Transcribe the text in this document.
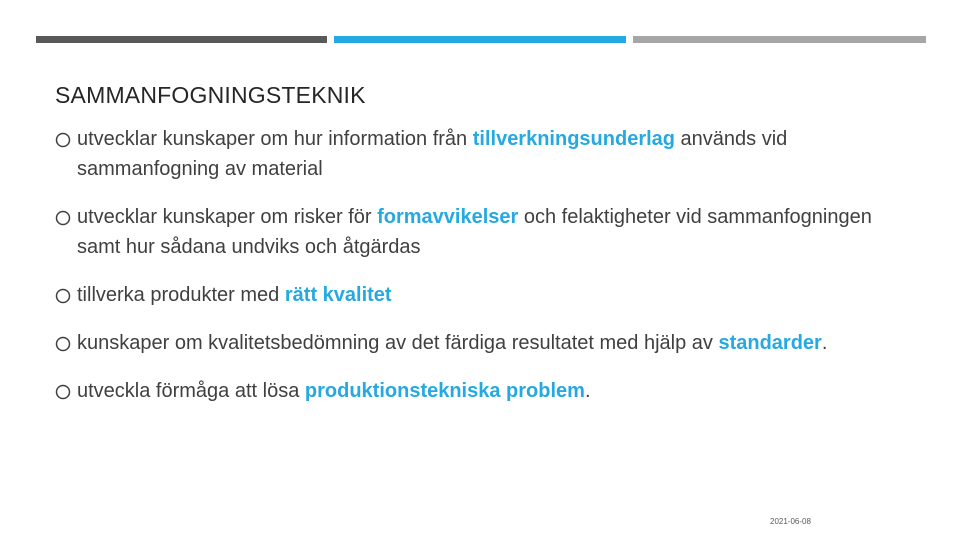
SAMMANFOGNINGSTEKNIK
utvecklar kunskaper om hur information från tillverkningsunderlag används vid sammanfogning av material
utvecklar kunskaper om risker för formavvikelser och felaktigheter vid sammanfogningen samt hur sådana undviks och åtgärdas
tillverka produkter med rätt kvalitet
kunskaper om kvalitetsbedömning av det färdiga resultatet med hjälp av standarder.
utveckla förmåga att lösa produktionstekniska problem.
2021-06-08
